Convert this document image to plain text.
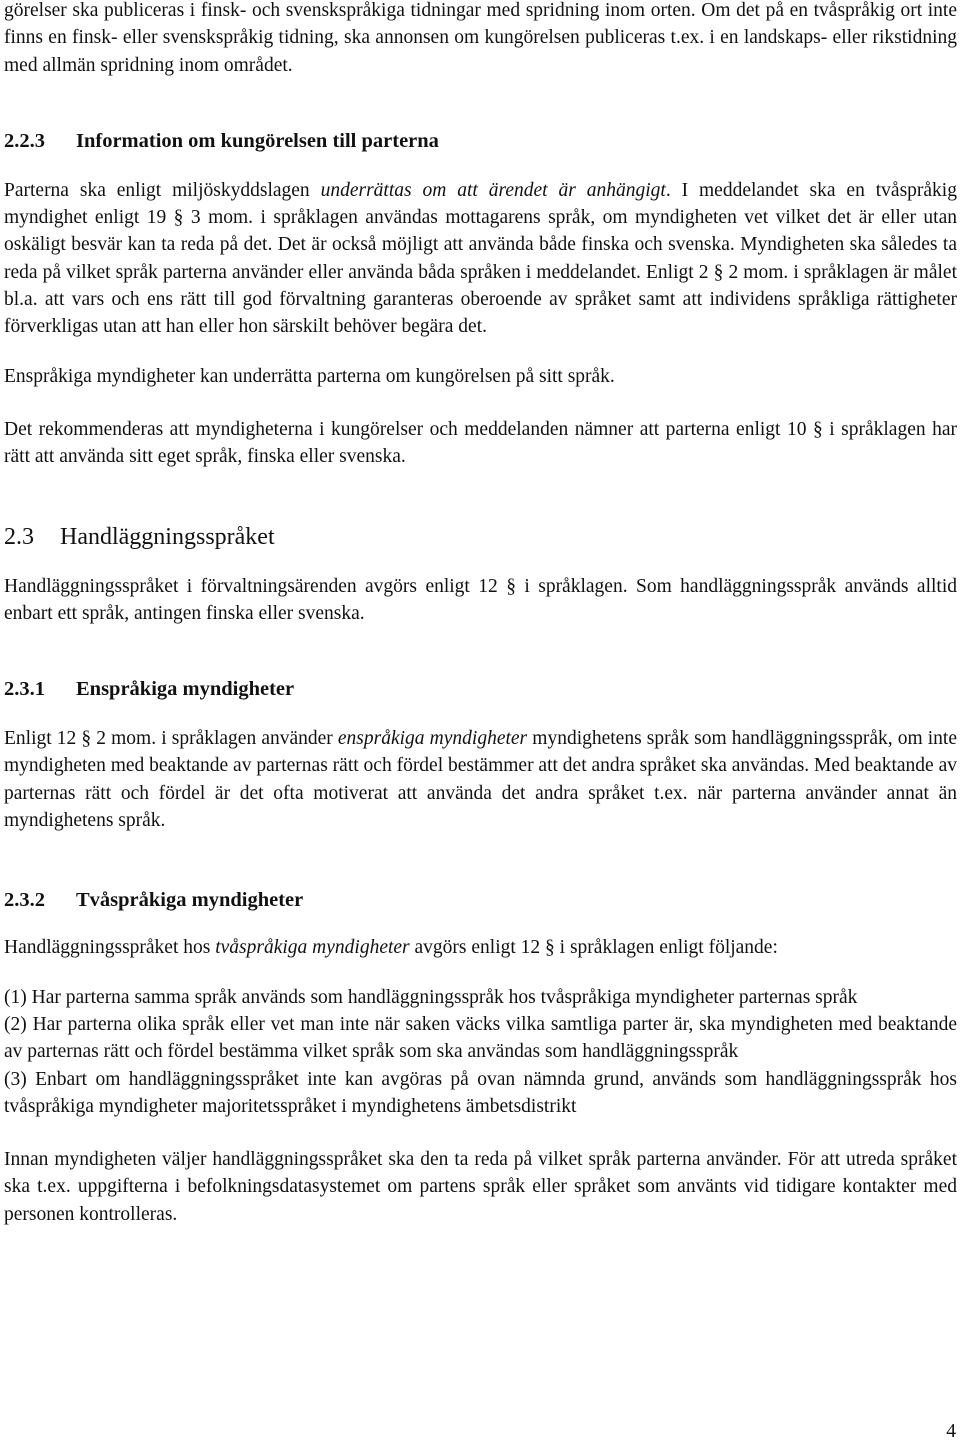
görelser ska publiceras i finsk- och svenskspråkiga tidningar med spridning inom orten. Om det på en tvåspråkig ort inte finns en finsk- eller svenskspråkig tidning, ska annonsen om kungörelsen publiceras t.ex. i en landskaps- eller rikstidning med allmän spridning inom området.

2.2.3 Information om kungörelsen till parterna

Parterna ska enligt miljöskyddslagen underrättas om att ärendet är anhängigt. I meddelandet ska en tvåspråkig myndighet enligt 19 § 3 mom. i språklagen användas mottagarens språk, om myndigheten vet vilket det är eller utan oskäligt besvär kan ta reda på det. Det är också möjligt att använda både finska och svenska. Myndigheten ska således ta reda på vilket språk parterna använder eller använda båda språken i meddelandet. Enligt 2 § 2 mom. i språklagen är målet bl.a. att vars och ens rätt till god förvaltning garanteras oberoende av språket samt att individens språkliga rättigheter förverkligas utan att han eller hon särskilt behöver begära det.

Enspråkiga myndigheter kan underrätta parterna om kungörelsen på sitt språk.

Det rekommenderas att myndigheterna i kungörelser och meddelanden nämner att parterna enligt 10 § i språklagen har rätt att använda sitt eget språk, finska eller svenska.

2.3 Handläggningsspråket

Handläggningsspråket i förvaltningsärenden avgörs enligt 12 § i språklagen. Som handläggningsspråk används alltid enbart ett språk, antingen finska eller svenska.

2.3.1 Enspråkiga myndigheter

Enligt 12 § 2 mom. i språklagen använder enspråkiga myndigheter myndighetens språk som handläggningsspråk, om inte myndigheten med beaktande av parternas rätt och fördel bestämmer att det andra språket ska användas. Med beaktande av parternas rätt och fördel är det ofta motiverat att använda det andra språket t.ex. när parterna använder annat än myndighetens språk.

2.3.2 Tvåspråkiga myndigheter

Handläggningsspråket hos tvåspråkiga myndigheter avgörs enligt 12 § i språklagen enligt följande:

(1) Har parterna samma språk används som handläggningsspråk hos tvåspråkiga myndigheter parternas språk

(2) Har parterna olika språk eller vet man inte när saken väcks vilka samtliga parter är, ska myndigheten med beaktande av parternas rätt och fördel bestämma vilket språk som ska användas som handläggningsspråk

(3) Enbart om handläggningsspråket inte kan avgöras på ovan nämnda grund, används som handläggningsspråk hos tvåspråkiga myndigheter majoritetsspråket i myndighetens ämbetsdistrikt

Innan myndigheten väljer handläggningsspråket ska den ta reda på vilket språk parterna använder. För att utreda språket ska t.ex. uppgifterna i befolkningsdatasystemet om partens språk eller språket som använts vid tidigare kontakter med personen kontrolleras.

4
